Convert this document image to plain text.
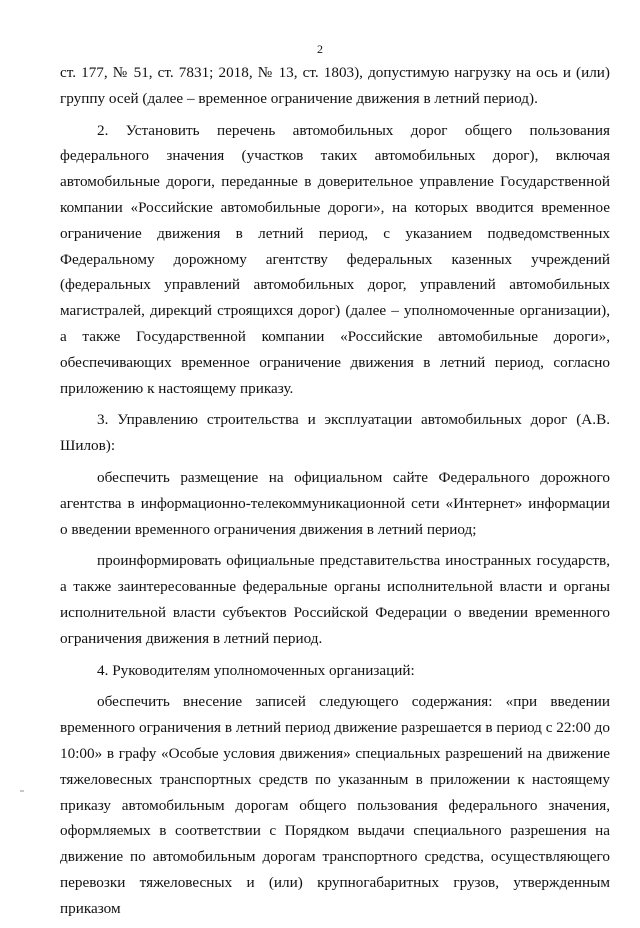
2

ст. 177, № 51, ст. 7831; 2018, № 13, ст. 1803), допустимую нагрузку на ось и (или) группу осей (далее – временное ограничение движения в летний период).

2. Установить перечень автомобильных дорог общего пользования федерального значения (участков таких автомобильных дорог), включая автомобильные дороги, переданные в доверительное управление Государственной компании «Российские автомобильные дороги», на которых вводится временное ограничение движения в летний период, с указанием подведомственных Федеральному дорожному агентству федеральных казенных учреждений (федеральных управлений автомобильных дорог, управлений автомобильных магистралей, дирекций строящихся дорог) (далее – уполномоченные организации), а также Государственной компании «Российские автомобильные дороги», обеспечивающих временное ограничение движения в летний период, согласно приложению к настоящему приказу.

3. Управлению строительства и эксплуатации автомобильных дорог (А.В. Шилов):

обеспечить размещение на официальном сайте Федерального дорожного агентства в информационно-телекоммуникационной сети «Интернет» информации о введении временного ограничения движения в летний период;

проинформировать официальные представительства иностранных государств, а также заинтересованные федеральные органы исполнительной власти и органы исполнительной власти субъектов Российской Федерации о введении временного ограничения движения в летний период.

4. Руководителям уполномоченных организаций:

обеспечить внесение записей следующего содержания: «при введении временного ограничения в летний период движение разрешается в период с 22:00 до 10:00» в графу «Особые условия движения» специальных разрешений на движение тяжеловесных транспортных средств по указанным в приложении к настоящему приказу автомобильным дорогам общего пользования федерального значения, оформляемых в соответствии с Порядком выдачи специального разрешения на движение по автомобильным дорогам транспортного средства, осуществляющего перевозки тяжеловесных и (или) крупногабаритных грузов, утвержденным приказом
